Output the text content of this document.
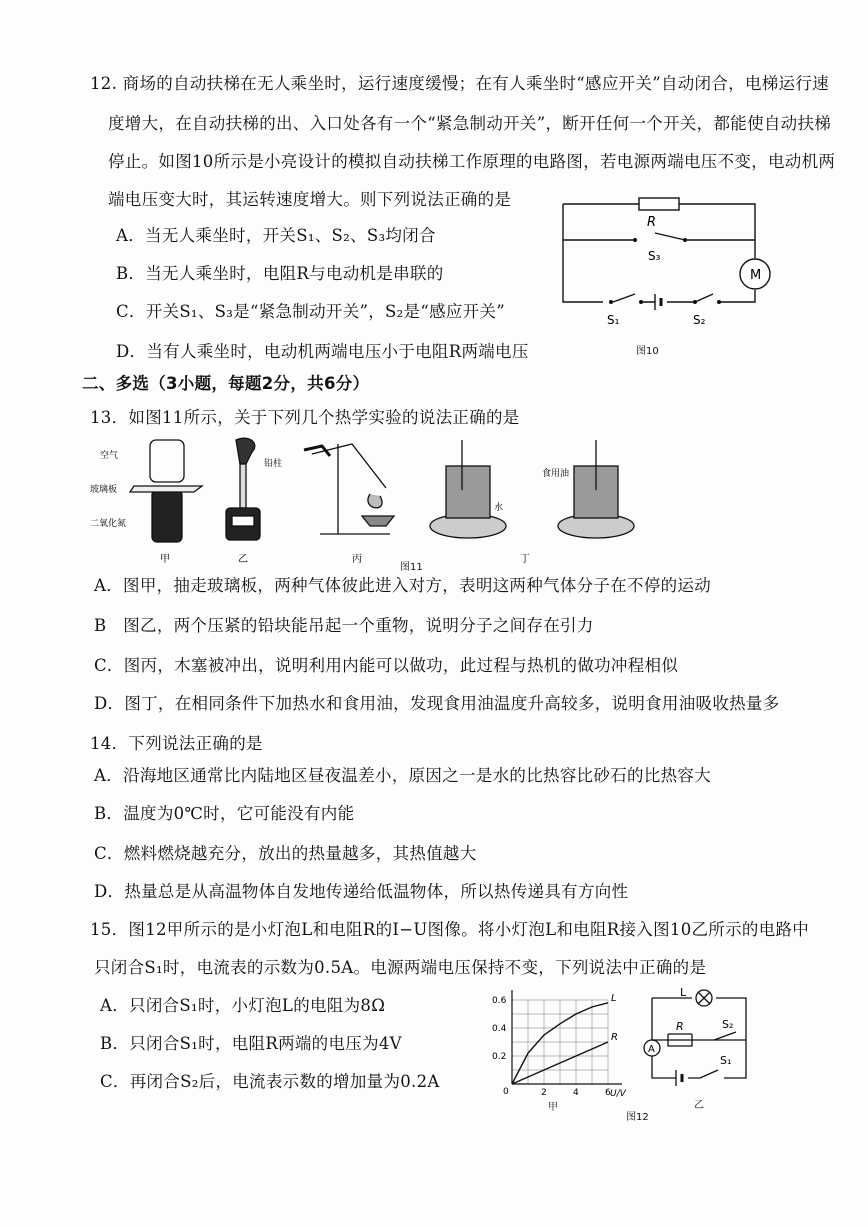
12. 商场的自动扶梯在无人乘坐时，运行速度缓慢；在有人乘坐时“感应开关”自动闭合，电梯运行速
度增大，在自动扶梯的出、入口处各有一个“紧急制动开关”，断开任何一个开关，都能使自动扶梯
停止。如图10所示是小亮设计的模拟自动扶梯工作原理的电路图，若电源两端电压不变，电动机两
端电压变大时，其运转速度增大。则下列说法正确的是
A．当无人乘坐时，开关S₁、S₂、S₃均闭合
B．当无人乘坐时，电阻R与电动机是串联的
C．开关S₁、S₃是“紧急制动开关”，S₂是“感应开关”
D．当有人乘坐时，电动机两端电压小于电阻R两端电压
R
S₃
M
S₁	S₂
图10
二、多选（3小题，每题2分，共6分）
13．如图11所示，关于下列几个热学实验的说法正确的是
空气
玻璃板
二氧化氮
甲
铅柱
乙	丙
水
食用油
丁
图11
A．图甲，抽走玻璃板，两种气体彼此进入对方，表明这两种气体分子在不停的运动
B　图乙，两个压紧的铅块能吊起一个重物，说明分子之间存在引力
C．图丙，木塞被冲出，说明利用内能可以做功，此过程与热机的做功冲程相似
D．图丁，在相同条件下加热水和食用油，发现食用油温度升高较多，说明食用油吸收热量多
14．下列说法正确的是
A．沿海地区通常比内陆地区昼夜温差小，原因之一是水的比热容比砂石的比热容大
B．温度为0℃时，它可能没有内能
C．燃料燃烧越充分，放出的热量越多，其热值越大
D．热量总是从高温物体自发地传递给低温物体，所以热传递具有方向性
15．图12甲所示的是小灯泡L和电阻R的I−U图像。将小灯泡L和电阻R接入图10乙所示的电路中
只闭合S₁时，电流表的示数为0.5A。电源两端电压保持不变，下列说法中正确的是
A．只闭合S₁时，小灯泡L的电阻为8Ω
B．只闭合S₁时，电阻R两端的电压为4V
C．再闭合S₂后，电流表示数的增加量为0.2A
L
R
2	4	6
0.2
0.4
0.6
0	U/V
L
R	S₂
A
S₁
甲
图12
乙
